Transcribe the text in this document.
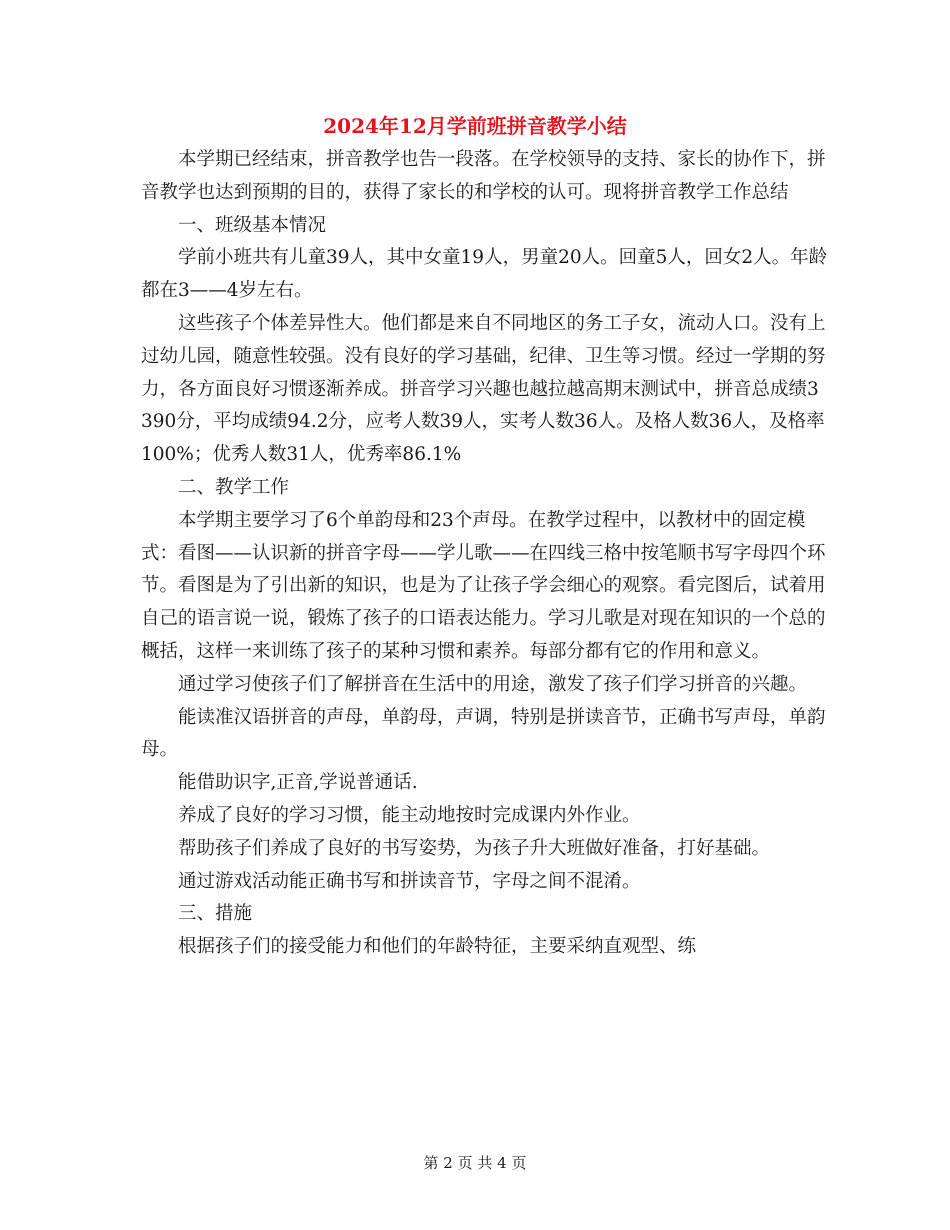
2024年12月学前班拼音教学小结

本学期已经结束，拼音教学也告一段落。在学校领导的支持、家长的协作下，拼音教学也达到预期的目的，获得了家长的和学校的认可。现将拼音教学工作总结

一、班级基本情况

学前小班共有儿童39人，其中女童19人，男童20人。回童5人，回女2人。年龄都在3——4岁左右。

这些孩子个体差异性大。他们都是来自不同地区的务工子女，流动人口。没有上过幼儿园，随意性较强。没有良好的学习基础，纪律、卫生等习惯。经过一学期的努力，各方面良好习惯逐渐养成。拼音学习兴趣也越拉越高期末测试中，拼音总成绩3390分，平均成绩94.2分，应考人数39人，实考人数36人。及格人数36人，及格率100%；优秀人数31人，优秀率86.1%

二、教学工作

本学期主要学习了6个单韵母和23个声母。在教学过程中，以教材中的固定模式：看图——认识新的拼音字母——学儿歌——在四线三格中按笔顺书写字母四个环节。看图是为了引出新的知识，也是为了让孩子学会细心的观察。看完图后，试着用自己的语言说一说，锻炼了孩子的口语表达能力。学习儿歌是对现在知识的一个总的概括，这样一来训练了孩子的某种习惯和素养。每部分都有它的作用和意义。

通过学习使孩子们了解拼音在生活中的用途，激发了孩子们学习拼音的兴趣。

能读准汉语拼音的声母，单韵母，声调，特别是拼读音节，正确书写声母，单韵母。

能借助识字,正音,学说普通话.

养成了良好的学习习惯，能主动地按时完成课内外作业。

帮助孩子们养成了良好的书写姿势，为孩子升大班做好准备，打好基础。

通过游戏活动能正确书写和拼读音节，字母之间不混淆。

三、措施

根据孩子们的接受能力和他们的年龄特征，主要采纳直观型、练

第 2 页 共 4 页
